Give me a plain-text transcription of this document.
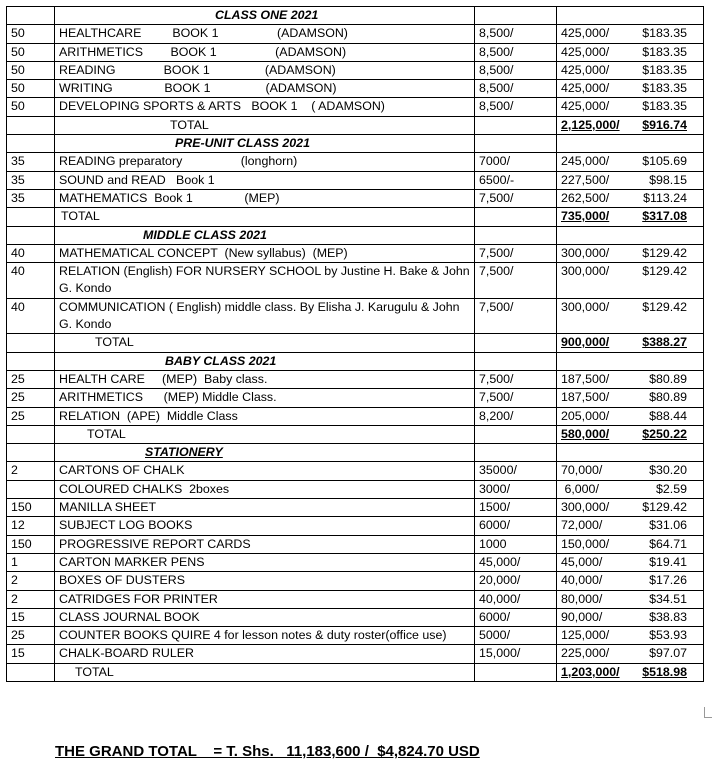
	CLASS ONE 2021		
50	HEALTHCARE         BOOK 1                 (ADAMSON)	8,500/	425,000/ $183.35

50	ARITHMETICS        BOOK 1                 (ADAMSON)	8,500/	425,000/ $183.35

50	READING              BOOK 1                (ADAMSON)	8,500/	425,000/ $183.35

50	WRITING               BOOK 1                (ADAMSON)	8,500/	425,000/ $183.35

50	DEVELOPING SPORTS & ARTS   BOOK 1    ( ADAMSON)	8,500/	425,000/ $183.35

	TOTAL		2,125,000/ $916.74

	PRE-UNIT CLASS 2021		
35	READING preparatory                 (longhorn)	7000/	245,000/ $105.69

35	SOUND and READ   Book 1	6500/-	227,500/ $98.15

35	MATHEMATICS  Book 1               (MEP)	7,500/	262,500/ $113.24

	TOTAL		735,000/ $317.08

	MIDDLE CLASS 2021		
40	MATHEMATICAL CONCEPT  (New syllabus)  (MEP)	7,500/	300,000/ $129.42

40	RELATION (English) FOR NURSERY SCHOOL by Justine H. Bake & John G. Kondo	7,500/	300,000/ $129.42

40	COMMUNICATION ( English) middle class. By Elisha J. Karugulu & John G. Kondo	7,500/	300,000/ $129.42

	TOTAL		900,000/ $388.27

	BABY CLASS 2021		
25	HEALTH CARE     (MEP)  Baby class.	7,500/	187,500/ $80.89

25	ARITHMETICS      (MEP) Middle Class.	7,500/	187,500/ $80.89

25	RELATION  (APE)  Middle Class	8,200/	205,000/ $88.44

	TOTAL		580,000/ $250.22

	STATIONERY		
2	CARTONS OF CHALK	35000/	70,000/ $30.20

	COLOURED CHALKS  2boxes	3000/	6,000/ $2.59

150	MANILLA SHEET	1500/	300,000/ $129.42

12	SUBJECT LOG BOOKS	6000/	72,000/ $31.06

150	PROGRESSIVE REPORT CARDS	1000	150,000/ $64.71

1	CARTON MARKER PENS	45,000/	45,000/ $19.41

2	BOXES OF DUSTERS	20,000/	40,000/ $17.26

2	CATRIDGES FOR PRINTER	40,000/	80,000/ $34.51

15	CLASS JOURNAL BOOK	6000/	90,000/ $38.83

25	COUNTER BOOKS QUIRE 4 for lesson notes & duty roster(office use)	5000/	125,000/ $53.93

15	CHALK-BOARD RULER	15,000/	225,000/ $97.07

	TOTAL		1,203,000/ $518.98
THE GRAND TOTAL    = T. Shs.   11,183,600 /  $4,824.70 USD
